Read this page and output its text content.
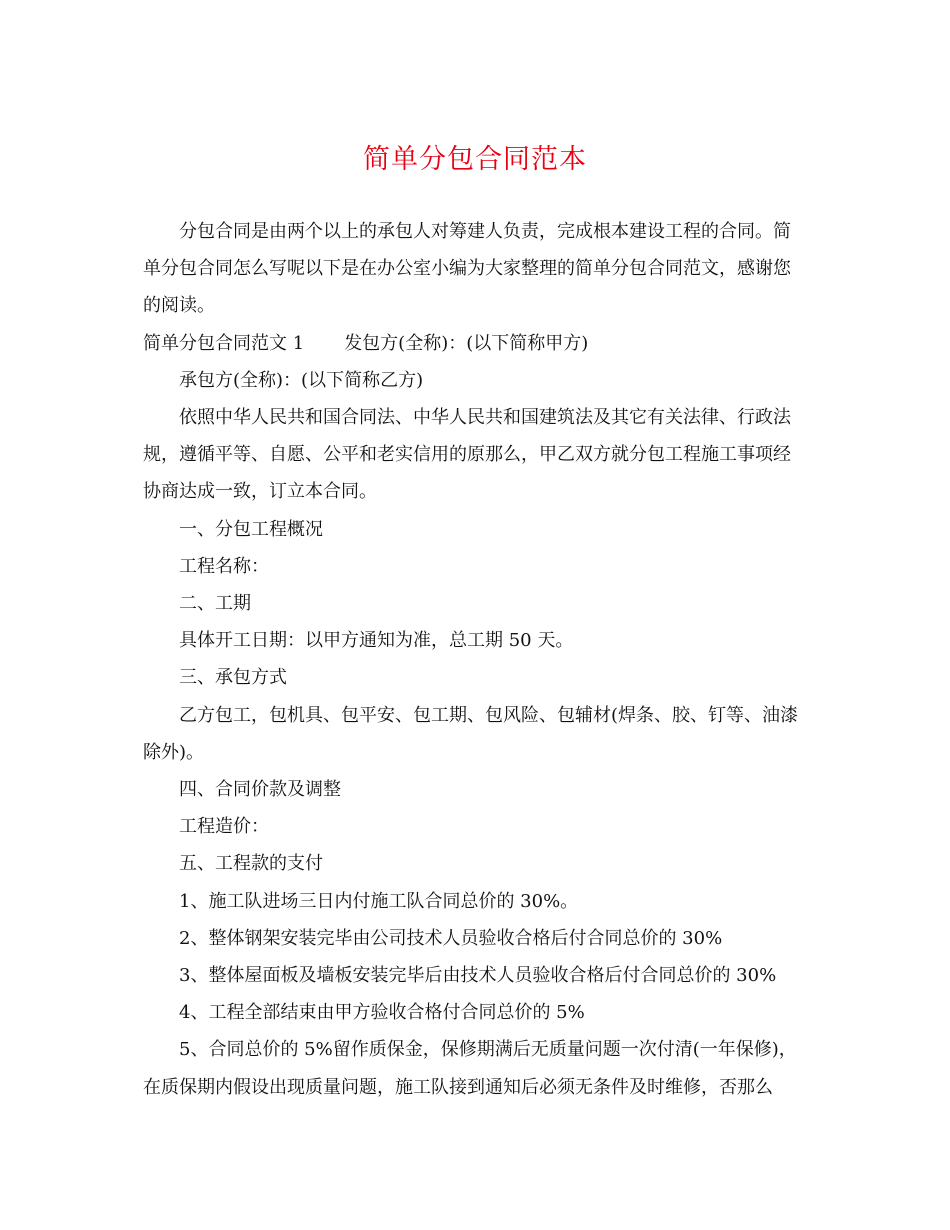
简单分包合同范本

分包合同是由两个以上的承包人对筹建人负责，完成根本建设工程的合同。简单分包合同怎么写呢以下是在办公室小编为大家整理的简单分包合同范文，感谢您的阅读。

简单分包合同范文 1 发包方(全称)：(以下简称甲方)

承包方(全称)：(以下简称乙方)

依照中华人民共和国合同法、中华人民共和国建筑法及其它有关法律、行政法规，遵循平等、自愿、公平和老实信用的原那么，甲乙双方就分包工程施工事项经协商达成一致，订立本合同。

一、分包工程概况

工程名称：

二、工期

具体开工日期：以甲方通知为准，总工期 50 天。

三、承包方式

乙方包工，包机具、包平安、包工期、包风险、包辅材(焊条、胶、钉等、油漆除外)。

四、合同价款及调整

工程造价：

五、工程款的支付

1、施工队进场三日内付施工队合同总价的 30%。

2、整体钢架安装完毕由公司技术人员验收合格后付合同总价的 30%

3、整体屋面板及墙板安装完毕后由技术人员验收合格后付合同总价的 30%

4、工程全部结束由甲方验收合格付合同总价的 5%

5、合同总价的 5%留作质保金，保修期满后无质量问题一次付清(一年保修)，在质保期内假设出现质量问题，施工队接到通知后必须无条件及时维修，否那么
